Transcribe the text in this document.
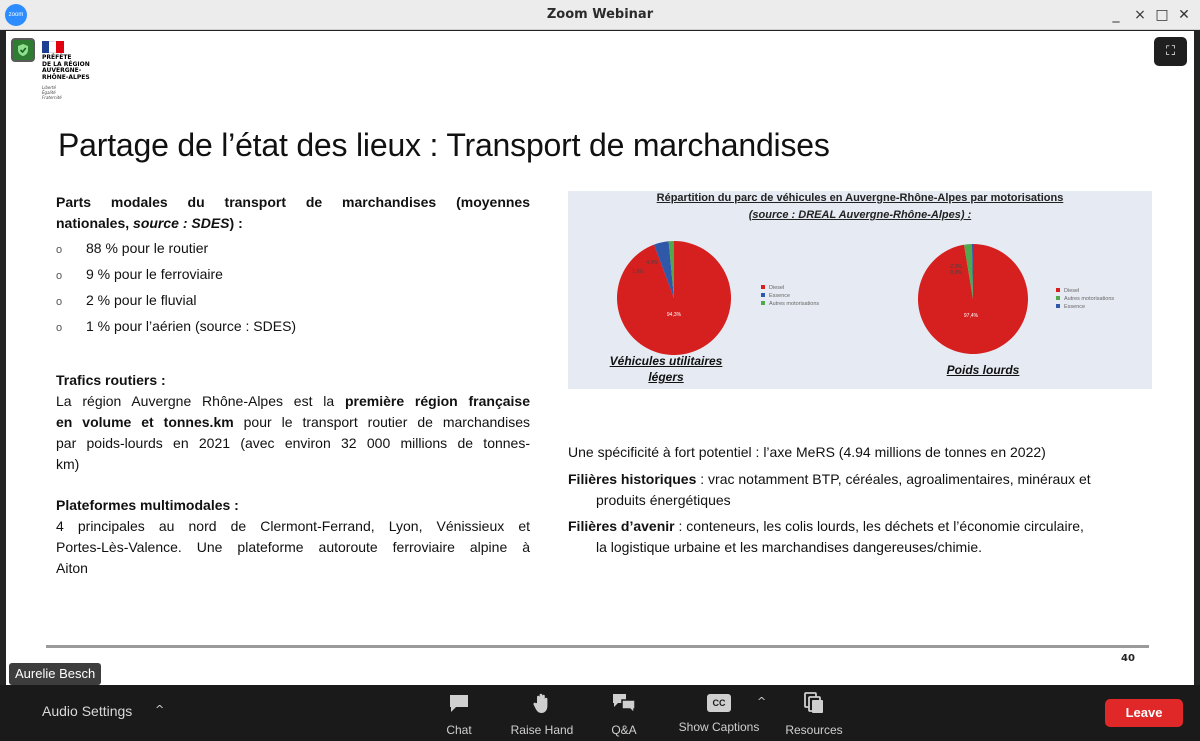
zoom	Zoom Webinar	_	× □ ✕
PRÉFÈTE
DE LA RÉGION
AUVERGNE-
RHÔNE-ALPES
Liberté
Égalité
Fraternité
⛶
Partage de l’état des lieux : Transport de marchandises
Parts modales du transport de marchandises (moyennes
nationales, source : SDES) :
o 88 % pour le routier
o 9 % pour le ferroviaire
o 2 % pour le fluvial
o 1 % pour l’aérien (source : SDES)
Trafics routiers :
La région Auvergne Rhône-Alpes est la première région française
en volume et tonnes.km pour le transport routier de marchandises
par poids-lourds en 2021 (avec environ 32 000 millions de tonnes-
km)
Plateformes multimodales :
4 principales au nord de Clermont-Ferrand, Lyon, Vénissieux et
Portes-Lès-Valence. Une plateforme autoroute ferroviaire alpine à
Aiton
94,3%
4,2%
1,5%
Diesel
Essence
Autres motorisations
97,4%
2,3%
0,3%
Diesel
Autres motorisations
Essence
Répartition du parc de véhicules en Auvergne-Rhône-Alpes par motorisations
(source : DREAL Auvergne-Rhône-Alpes) :
Véhicules utilitaires légers	Poids lourds
Une spécificité à fort potentiel : l’axe MeRS (4.94 millions de tonnes en 2022)
Filières historiques : vrac notamment BTP, céréales, agroalimentaires, minéraux et
produits énergétiques
Filières d’avenir : conteneurs, les colis lourds, les déchets et l’économie circulaire,
la logistique urbaine et les marchandises dangereuses/chimie.
40
Aurelie Besch
Audio Settings ^
Chat	Raise Hand	Q&A
CC
Show Captions
^
Resources
Leave
